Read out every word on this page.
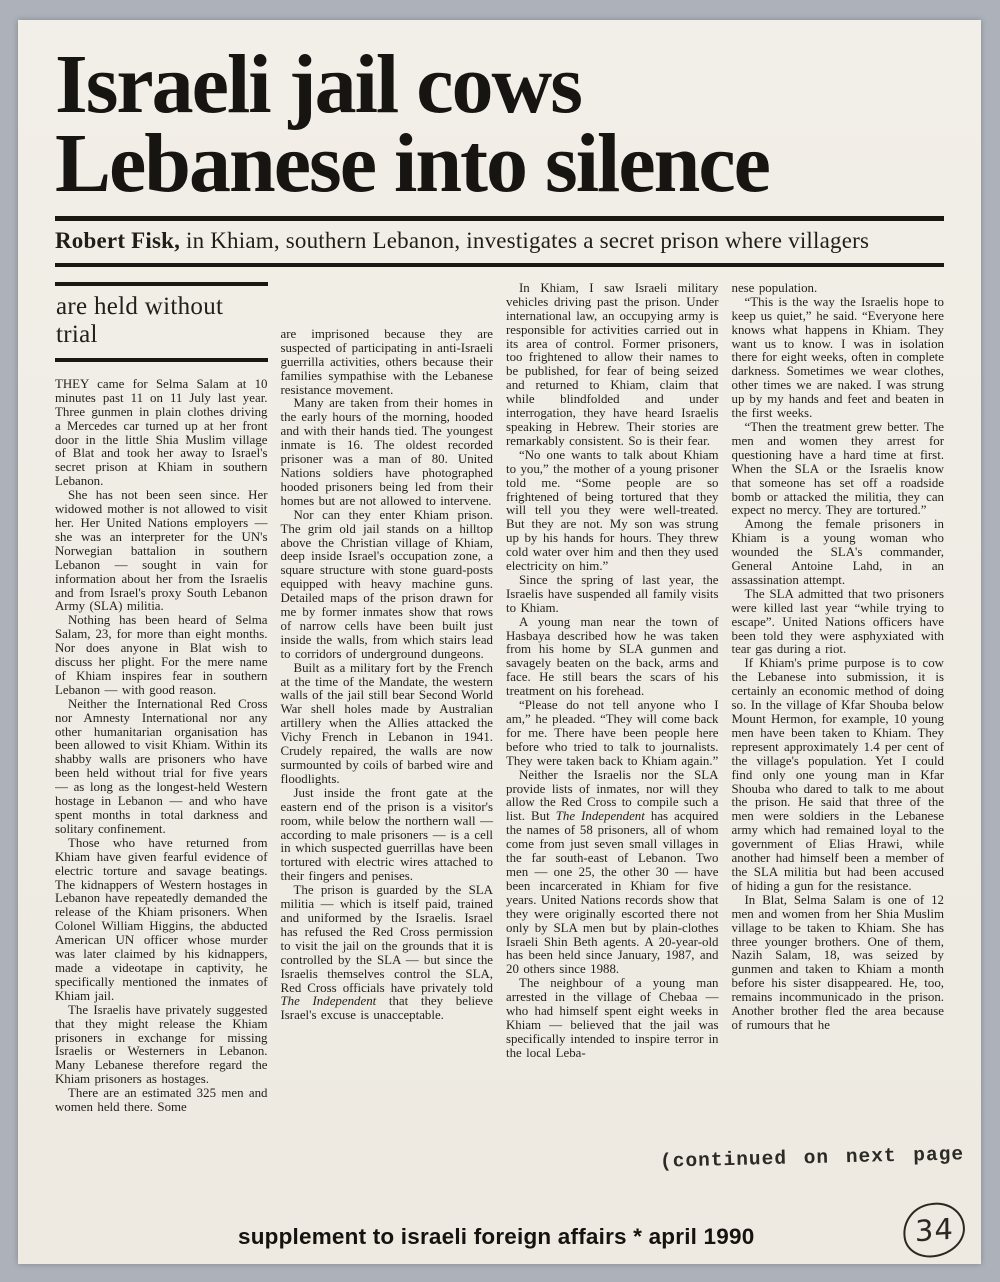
Israeli jail cows
Lebanese into silence
Robert Fisk, in Khiam, southern Lebanon, investigates a secret prison where villagers
are held without trial

THEY came for Selma Salam at 10 minutes past 11 on 11 July last year. Three gunmen in plain clothes driving a Mercedes car turned up at her front door in the little Shia Muslim village of Blat and took her away to Israel's secret prison at Khiam in southern Lebanon.

She has not been seen since. Her widowed mother is not allowed to visit her. Her United Nations employers — she was an interpreter for the UN's Norwegian battalion in southern Lebanon — sought in vain for information about her from the Israelis and from Israel's proxy South Lebanon Army (SLA) militia.

Nothing has been heard of Selma Salam, 23, for more than eight months. Nor does anyone in Blat wish to discuss her plight. For the mere name of Khiam inspires fear in southern Lebanon — with good reason.

Neither the International Red Cross nor Amnesty International nor any other humanitarian organisation has been allowed to visit Khiam. Within its shabby walls are prisoners who have been held without trial for five years — as long as the longest-held Western hostage in Lebanon — and who have spent months in total darkness and solitary confinement.

Those who have returned from Khiam have given fearful evidence of electric torture and savage beatings. The kidnappers of Western hostages in Lebanon have repeatedly demanded the release of the Khiam prisoners. When Colonel William Higgins, the abducted American UN officer whose murder was later claimed by his kidnappers, made a videotape in captivity, he specifically mentioned the inmates of Khiam jail.

The Israelis have privately suggested that they might release the Khiam prisoners in exchange for missing Israelis or Westerners in Lebanon. Many Lebanese therefore regard the Khiam prisoners as hostages.

There are an estimated 325 men and women held there. Some

are imprisoned because they are suspected of participating in anti-Israeli guerrilla activities, others because their families sympathise with the Lebanese resistance movement.

Many are taken from their homes in the early hours of the morning, hooded and with their hands tied. The youngest inmate is 16. The oldest recorded prisoner was a man of 80. United Nations soldiers have photographed hooded prisoners being led from their homes but are not allowed to intervene.

Nor can they enter Khiam prison. The grim old jail stands on a hilltop above the Christian village of Khiam, deep inside Israel's occupation zone, a square structure with stone guard-posts equipped with heavy machine guns. Detailed maps of the prison drawn for me by former inmates show that rows of narrow cells have been built just inside the walls, from which stairs lead to corridors of underground dungeons.

Built as a military fort by the French at the time of the Mandate, the western walls of the jail still bear Second World War shell holes made by Australian artillery when the Allies attacked the Vichy French in Lebanon in 1941. Crudely repaired, the walls are now surmounted by coils of barbed wire and floodlights.

Just inside the front gate at the eastern end of the prison is a visitor's room, while below the northern wall — according to male prisoners — is a cell in which suspected guerrillas have been tortured with electric wires attached to their fingers and penises.

The prison is guarded by the SLA militia — which is itself paid, trained and uniformed by the Israelis. Israel has refused the Red Cross permission to visit the jail on the grounds that it is controlled by the SLA — but since the Israelis themselves control the SLA, Red Cross officials have privately told The Independent that they believe Israel's excuse is unacceptable.

In Khiam, I saw Israeli military vehicles driving past the prison. Under international law, an occupying army is responsible for activities carried out in its area of control. Former prisoners, too frightened to allow their names to be published, for fear of being seized and returned to Khiam, claim that while blindfolded and under interrogation, they have heard Israelis speaking in Hebrew. Their stories are remarkably consistent. So is their fear.

“No one wants to talk about Khiam to you,” the mother of a young prisoner told me. “Some people are so frightened of being tortured that they will tell you they were well-treated. But they are not. My son was strung up by his hands for hours. They threw cold water over him and then they used electricity on him.”

Since the spring of last year, the Israelis have suspended all family visits to Khiam.

A young man near the town of Hasbaya described how he was taken from his home by SLA gunmen and savagely beaten on the back, arms and face. He still bears the scars of his treatment on his forehead.

“Please do not tell anyone who I am,” he pleaded. “They will come back for me. There have been people here before who tried to talk to journalists. They were taken back to Khiam again.”

Neither the Israelis nor the SLA provide lists of inmates, nor will they allow the Red Cross to compile such a list. But The Independent has acquired the names of 58 prisoners, all of whom come from just seven small villages in the far south-east of Lebanon. Two men — one 25, the other 30 — have been incarcerated in Khiam for five years. United Nations records show that they were originally escorted there not only by SLA men but by plain-clothes Israeli Shin Beth agents. A 20-year-old has been held since January, 1987, and 20 others since 1988.

The neighbour of a young man arrested in the village of Chebaa — who had himself spent eight weeks in Khiam — believed that the jail was specifically intended to inspire terror in the local Leba-

nese population.

“This is the way the Israelis hope to keep us quiet,” he said. “Everyone here knows what happens in Khiam. They want us to know. I was in isolation there for eight weeks, often in complete darkness. Sometimes we wear clothes, other times we are naked. I was strung up by my hands and feet and beaten in the first weeks.

“Then the treatment grew better. The men and women they arrest for questioning have a hard time at first. When the SLA or the Israelis know that someone has set off a roadside bomb or attacked the militia, they can expect no mercy. They are tortured.”

Among the female prisoners in Khiam is a young woman who wounded the SLA's commander, General Antoine Lahd, in an assassination attempt.

The SLA admitted that two prisoners were killed last year “while trying to escape”. United Nations officers have been told they were asphyxiated with tear gas during a riot.

If Khiam's prime purpose is to cow the Lebanese into submission, it is certainly an economic method of doing so. In the village of Kfar Shouba below Mount Hermon, for example, 10 young men have been taken to Khiam. They represent approximately 1.4 per cent of the village's population. Yet I could find only one young man in Kfar Shouba who dared to talk to me about the prison. He said that three of the men were soldiers in the Lebanese army which had remained loyal to the government of Elias Hrawi, while another had himself been a member of the SLA militia but had been accused of hiding a gun for the resistance.

In Blat, Selma Salam is one of 12 men and women from her Shia Muslim village to be taken to Khiam. She has three younger brothers. One of them, Nazih Salam, 18, was seized by gunmen and taken to Khiam a month before his sister disappeared. He, too, remains incommunicado in the prison. Another brother fled the area because of rumours that he

(continued on next page
supplement to israeli foreign affairs * april 1990	34
